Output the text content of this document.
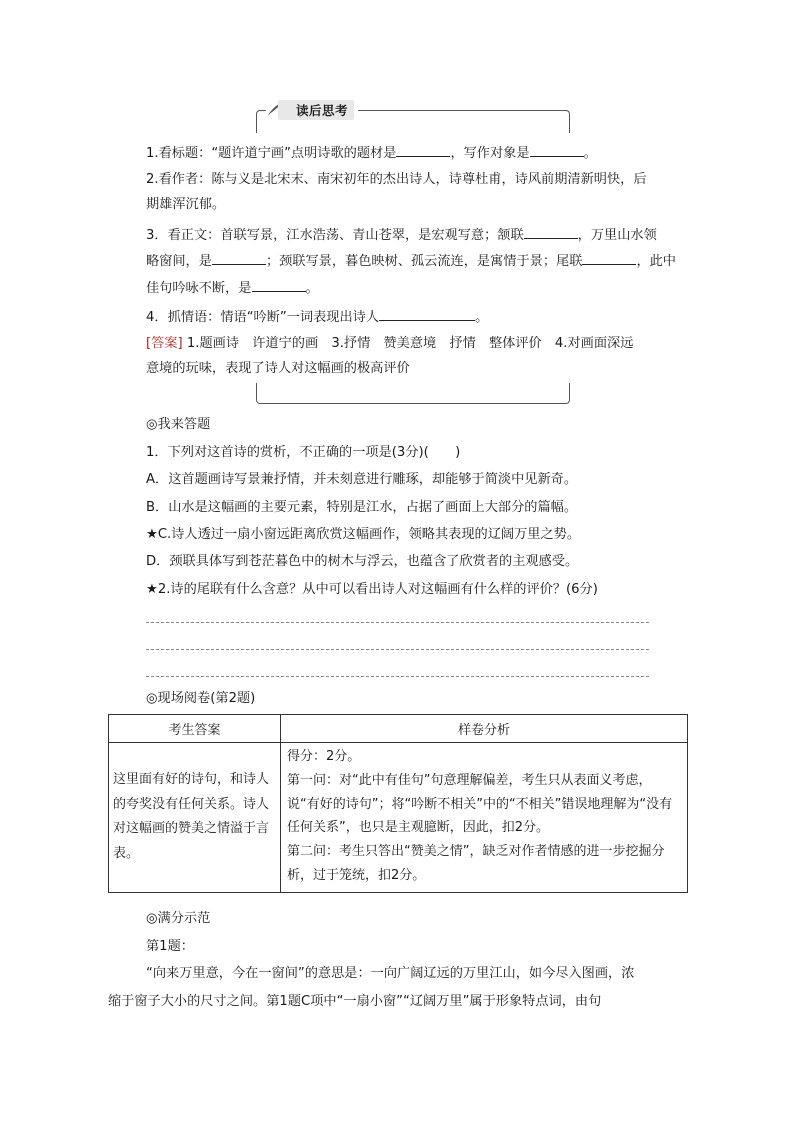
读后思考
1.看标题：“题许道宁画”点明诗歌的题材是	，写作对象是	。
2.看作者：陈与义是北宋末、南宋初年的杰出诗人，诗尊杜甫，诗风前期清新明快，后
期雄浑沉郁。
3．看正文：首联写景，江水浩荡、青山苍翠，是宏观写意；颔联	，万里山水领
略窗间，是	；颈联写景，暮色映树、孤云流连，是寓情于景；尾联	，此中
佳句吟咏不断，是	。
4．抓情语：情语“吟断”一词表现出诗人	。
[答案] 1.题画诗　许道宁的画　3.抒情　赞美意境　抒情　整体评价　4.对画面深远
意境的玩味，表现了诗人对这幅画的极高评价
◎我来答题
1．下列对这首诗的赏析，不正确的一项是(3分)(　　)
A．这首题画诗写景兼抒情，并未刻意进行雕琢，却能够于简淡中见新奇。
B．山水是这幅画的主要元素，特别是江水，占据了画面上大部分的篇幅。
★C.诗人透过一扇小窗远距离欣赏这幅画作，领略其表现的辽阔万里之势。
D．颈联具体写到苍茫暮色中的树木与浮云，也蕴含了欣赏者的主观感受。
★2.诗的尾联有什么含意？从中可以看出诗人对这幅画有什么样的评价？(6分)
◎现场阅卷(第2题)
考生答案	样卷分析
这里面有好的诗句，和诗人的夸奖没有任何关系。诗人对这幅画的赞美之情溢于言表。	得分：2分。
第一问：对“此中有佳句”句意理解偏差，考生只从表面义考虑，说“有好的诗句”；将“吟断不相关”中的“不相关”错误地理解为“没有任何关系”，也只是主观臆断，因此，扣2分。
第二问：考生只答出“赞美之情”，缺乏对作者情感的进一步挖掘分析，过于笼统，扣2分。
◎满分示范
第1题：
“向来万里意，今在一窗间”的意思是：一向广阔辽远的万里江山，如今尽入图画，浓
缩于窗子大小的尺寸之间。第1题C项中“一扇小窗”“辽阔万里”属于形象特点词，由句
